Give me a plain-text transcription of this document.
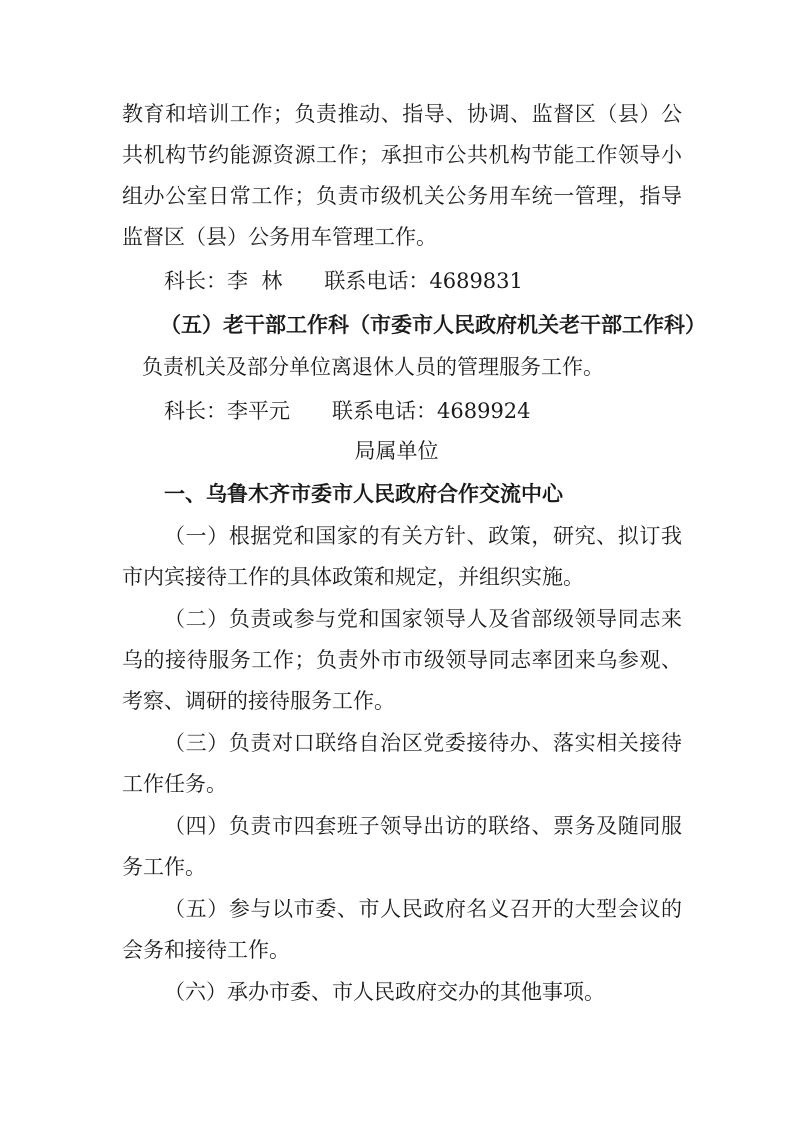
教育和培训工作；负责推动、指导、协调、监督区（县）公
共机构节约能源资源工作；承担市公共机构节能工作领导小
组办公室日常工作；负责市级机关公务用车统一管理，指导
监督区（县）公务用车管理工作。
科长：李  林 联系电话：4689831
（五）老干部工作科（市委市人民政府机关老干部工作科）
负责机关及部分单位离退休人员的管理服务工作。
科长：李平元 联系电话：4689924
局属单位
一、乌鲁木齐市委市人民政府合作交流中心
（一）根据党和国家的有关方针、政策，研究、拟订我
市内宾接待工作的具体政策和规定，并组织实施。
（二）负责或参与党和国家领导人及省部级领导同志来
乌的接待服务工作；负责外市市级领导同志率团来乌参观、
考察、调研的接待服务工作。
（三）负责对口联络自治区党委接待办、落实相关接待
工作任务。
（四）负责市四套班子领导出访的联络、票务及随同服
务工作。
（五）参与以市委、市人民政府名义召开的大型会议的
会务和接待工作。
（六）承办市委、市人民政府交办的其他事项。
